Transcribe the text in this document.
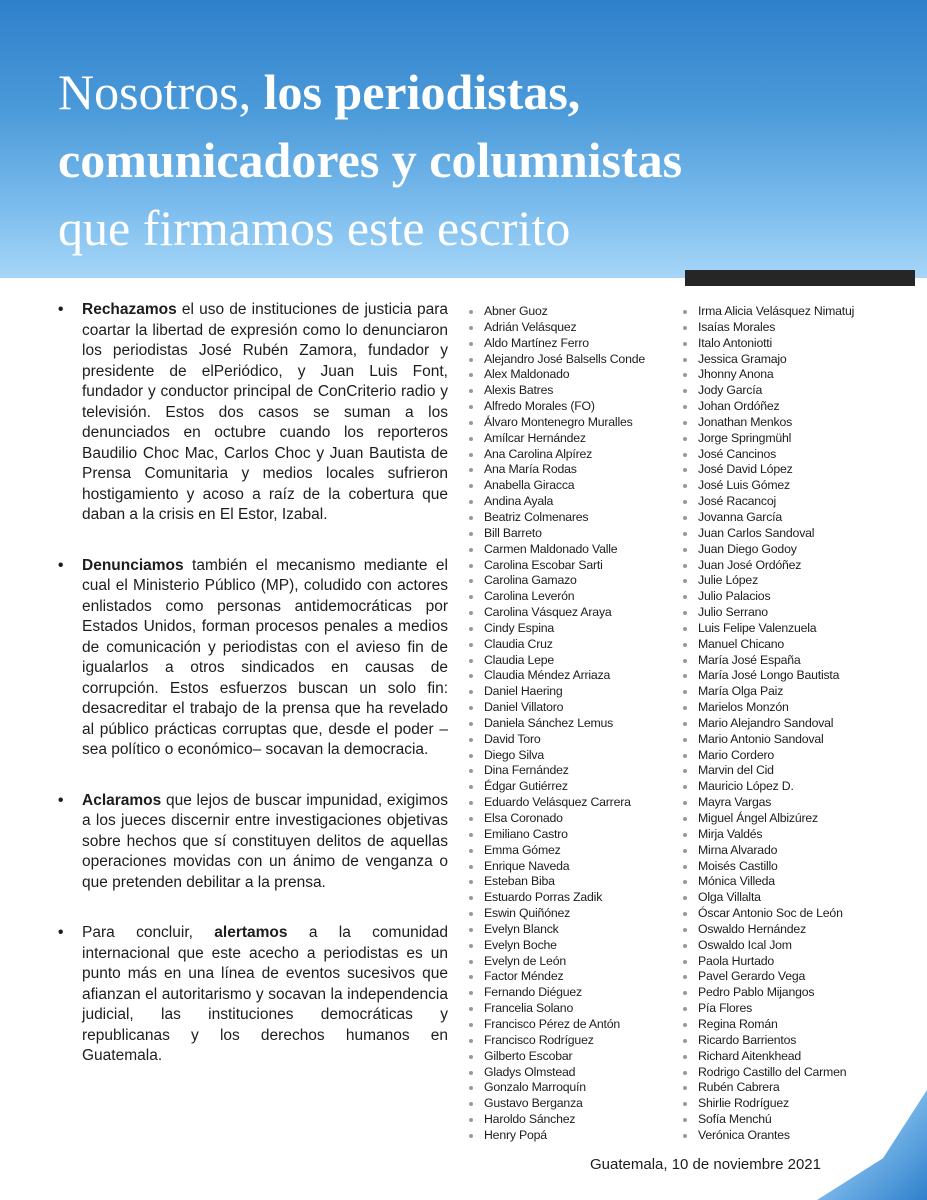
Nosotros, los periodistas,
comunicadores y columnistas
que firmamos este escrito

• Rechazamos el uso de instituciones de justicia para coartar la libertad de expresión como lo denunciaron los periodistas José Rubén Zamora, fundador y presidente de elPeriódico, y Juan Luis Font, fundador y conductor principal de ConCriterio radio y televisión. Estos dos casos se suman a los denunciados en octubre cuando los reporteros Baudilio Choc Mac, Carlos Choc y Juan Bautista de Prensa Comunitaria y medios locales sufrieron hostigamiento y acoso a raíz de la cobertura que daban a la crisis en El Estor, Izabal.

• Denunciamos también el mecanismo mediante el cual el Ministerio Público (MP), coludido con actores enlistados como personas antidemocráticas por Estados Unidos, forman procesos penales a medios de comunicación y periodistas con el avieso fin de igualarlos a otros sindicados en causas de corrupción. Estos esfuerzos buscan un solo fin: desacreditar el trabajo de la prensa que ha revelado al público prácticas corruptas que, desde el poder –sea político o económico– socavan la democracia.

• Aclaramos que lejos de buscar impunidad, exigimos a los jueces discernir entre investigaciones objetivas sobre hechos que sí constituyen delitos de aquellas operaciones movidas con un ánimo de venganza o que pretenden debilitar a la prensa.

• Para concluir, alertamos a la comunidad internacional que este acecho a periodistas es un punto más en una línea de eventos sucesivos que afianzan el autoritarismo y socavan la independencia judicial, las instituciones democráticas y republicanas y los derechos humanos en Guatemala.

Abner Guoz
Adrián Velásquez
Aldo Martínez Ferro
Alejandro José Balsells Conde
Alex Maldonado
Alexis Batres
Alfredo Morales (FO)
Álvaro Montenegro Muralles
Amílcar Hernández
Ana Carolina Alpírez
Ana María Rodas
Anabella Giracca
Andina Ayala
Beatriz Colmenares
Bill Barreto
Carmen Maldonado Valle
Carolina Escobar Sarti
Carolina Gamazo
Carolina Leverón
Carolina Vásquez Araya
Cindy Espina
Claudia Cruz
Claudia Lepe
Claudia Méndez Arriaza
Daniel Haering
Daniel Villatoro
Daniela Sánchez Lemus
David Toro
Diego Silva
Dina Fernández
Édgar Gutiérrez
Eduardo Velásquez Carrera
Elsa Coronado
Emiliano Castro
Emma Gómez
Enrique Naveda
Esteban Biba
Estuardo Porras Zadik
Eswin Quiñónez
Evelyn Blanck
Evelyn Boche
Evelyn de León
Factor Méndez
Fernando Diéguez
Francelia Solano
Francisco Pérez de Antón
Francisco Rodríguez
Gilberto Escobar
Gladys Olmstead
Gonzalo Marroquín
Gustavo Berganza
Haroldo Sánchez
Henry Popá
Irma Alicia Velásquez Nimatuj
Isaías Morales
Italo Antoniotti
Jessica Gramajo
Jhonny Anona
Jody García
Johan Ordóñez
Jonathan Menkos
Jorge Springmühl
José Cancinos
José David López
José Luis Gómez
José Racancoj
Jovanna García
Juan Carlos Sandoval
Juan Diego Godoy
Juan José Ordóñez
Julie López
Julio Palacios
Julio Serrano
Luis Felipe Valenzuela
Manuel Chicano
María José España
María José Longo Bautista
María Olga Paiz
Marielos Monzón
Mario Alejandro Sandoval
Mario Antonio Sandoval
Mario Cordero
Marvin del Cid
Mauricio López D.
Mayra Vargas
Miguel Ángel Albizúrez
Mirja Valdés
Mirna Alvarado
Moisés Castillo
Mónica Villeda
Olga Villalta
Óscar Antonio Soc de León
Oswaldo Hernández
Oswaldo Ical Jom
Paola Hurtado
Pavel Gerardo Vega
Pedro Pablo Mijangos
Pía Flores
Regina Román
Ricardo Barrientos
Richard Aitenkhead
Rodrigo Castillo del Carmen
Rubén Cabrera
Shirlie Rodríguez
Sofía Menchú
Verónica Orantes
Guatemala, 10 de noviembre 2021
